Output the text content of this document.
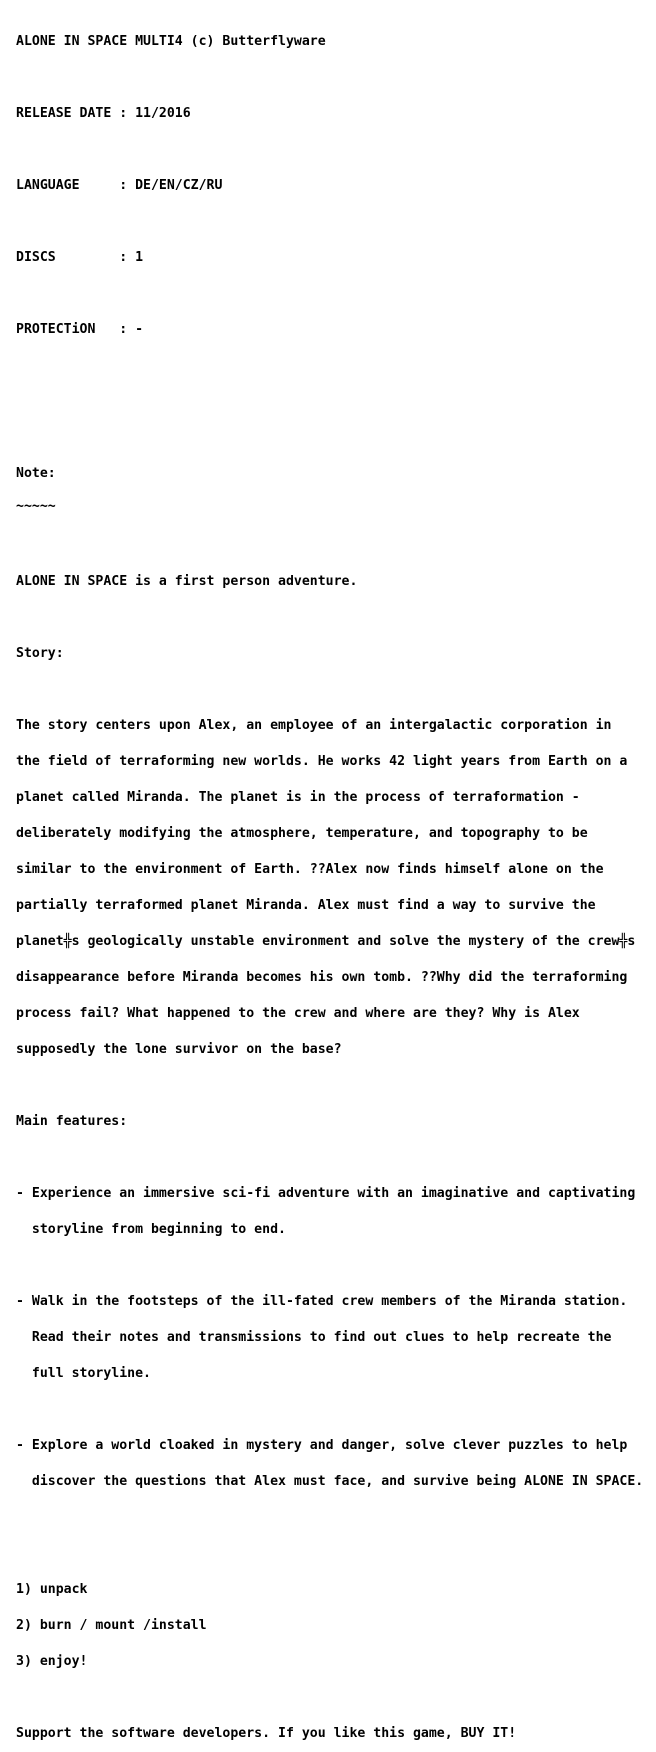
ALONE IN SPACE MULTI4 (c) Butterflyware

RELEASE DATE : 11/2016

LANGUAGE     : DE/EN/CZ/RU

DISCS        : 1

PROTECTiON   : -

Note:

~~~~~

ALONE IN SPACE is a first person adventure.

Story:

The story centers upon Alex, an employee of an intergalactic corporation in

the field of terraforming new worlds. He works 42 light years from Earth on a

planet called Miranda. The planet is in the process of terraformation -

deliberately modifying the atmosphere, temperature, and topography to be

similar to the environment of Earth. ??Alex now finds himself alone on the

partially terraformed planet Miranda. Alex must find a way to survive the

planet╬s geologically unstable environment and solve the mystery of the crew╬s

disappearance before Miranda becomes his own tomb. ??Why did the terraforming

process fail? What happened to the crew and where are they? Why is Alex

supposedly the lone survivor on the base?

Main features:

- Experience an immersive sci-fi adventure with an imaginative and captivating

storyline from beginning to end.

- Walk in the footsteps of the ill-fated crew members of the Miranda station.

Read their notes and transmissions to find out clues to help recreate the

full storyline.

- Explore a world cloaked in mystery and danger, solve clever puzzles to help

discover the questions that Alex must face, and survive being ALONE IN SPACE.

1) unpack

2) burn / mount /install

3) enjoy!

Support the software developers. If you like this game, BUY IT!
